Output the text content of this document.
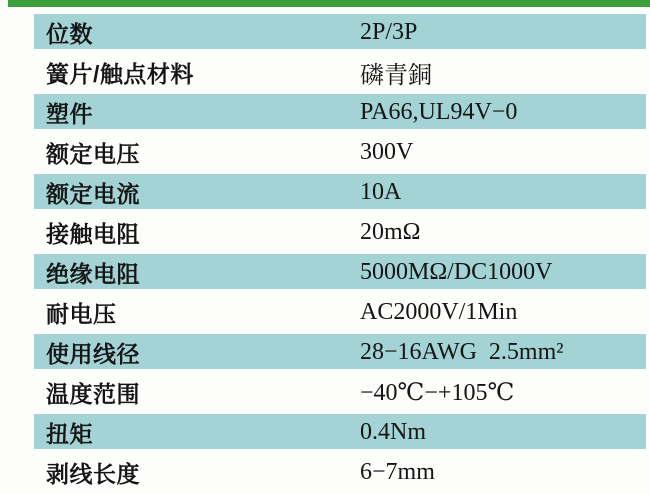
位数	2P/3P
簧片/触点材料	磷青銅
塑件	PA66,UL94V−0
额定电压	300V
额定电流	10A
接触电阻	20mΩ
绝缘电阻	5000MΩ/DC1000V
耐电压	AC2000V/1Min
使用线径	28−16AWG  2.5mm²
温度范围	−40℃−+105℃
扭矩	0.4Nm
剥线长度	6−7mm
